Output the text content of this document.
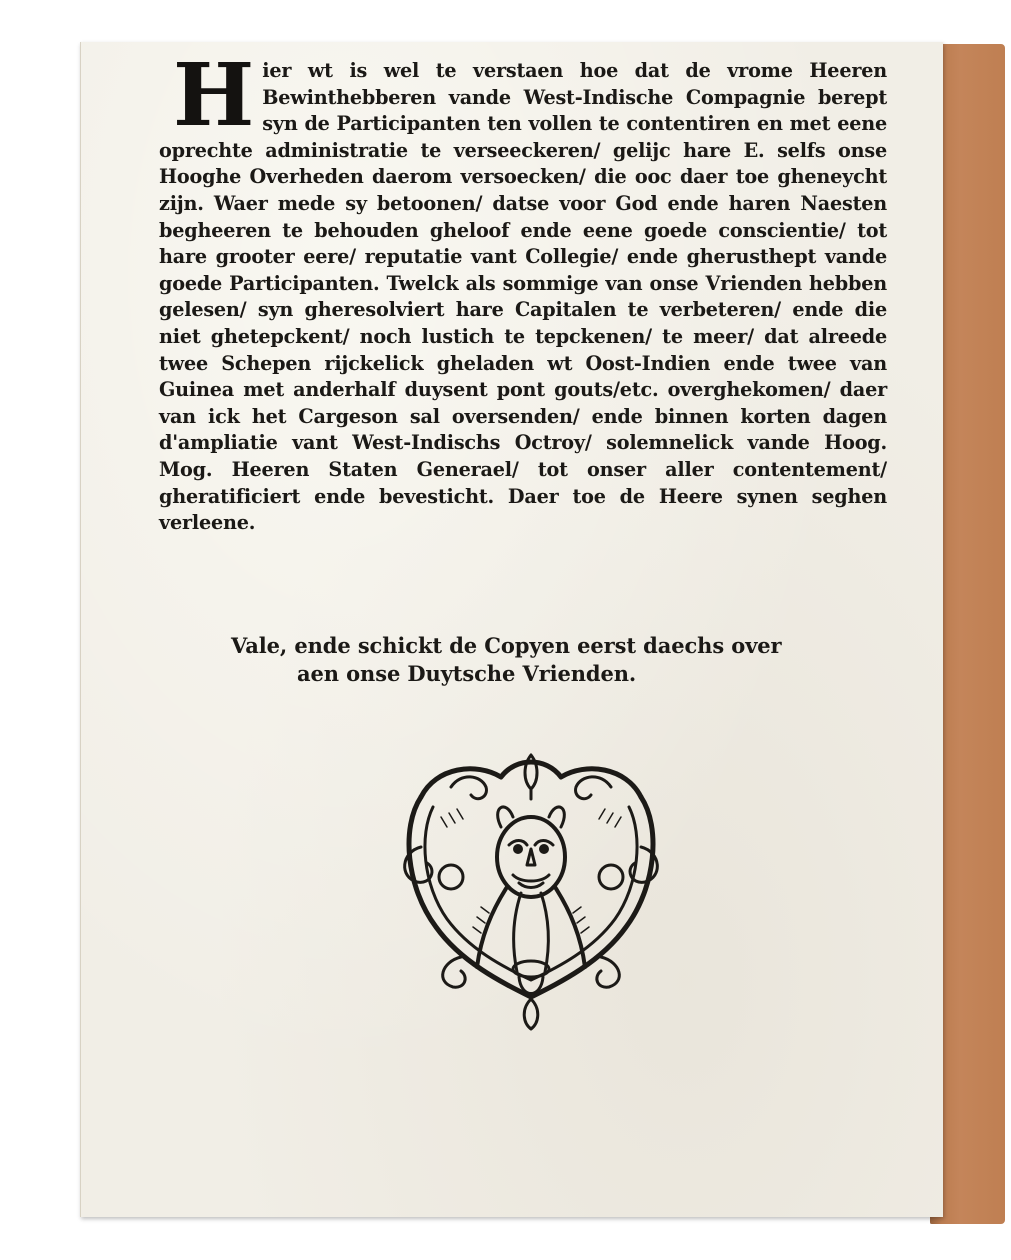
H ier wt is wel te verstaen hoe dat de vrome Heeren Bewinthebberen vande West-Indische Compagnie berept syn de Participanten ten vollen te contentiren en met eene oprechte administratie te verseeckeren/ gelijc hare E. selfs onse Hooghe Overheden daerom versoecken/ die ooc daer toe gheneycht zijn. Waer mede sy betoonen/ datse voor God ende haren Naesten begheeren te behouden gheloof ende eene goede conscientie/ tot hare grooter eere/ reputatie vant Collegie/ ende gherusthept vande goede Participanten. Twelck als sommige van onse Vrienden hebben gelesen/ syn gheresolviert hare Capitalen te verbeteren/ ende die niet ghetepckent/ noch lustich te tepckenen/ te meer/ dat alreede twee Schepen rijckelick gheladen wt Oost-Indien ende twee van Guinea met anderhalf duysent pont gouts/etc. overghekomen/ daer van ick het Cargeson sal oversenden/ ende binnen korten dagen d'ampliatie vant West-Indischs Octroy/ solemnelick vande Hoog. Mog. Heeren Staten Generael/ tot onser aller contentement/ gheratificiert ende bevesticht. Daer toe de Heere synen seghen verleene.

Vale, ende schickt de Copyen eerst daechs over
aen onse Duytsche Vrienden.
